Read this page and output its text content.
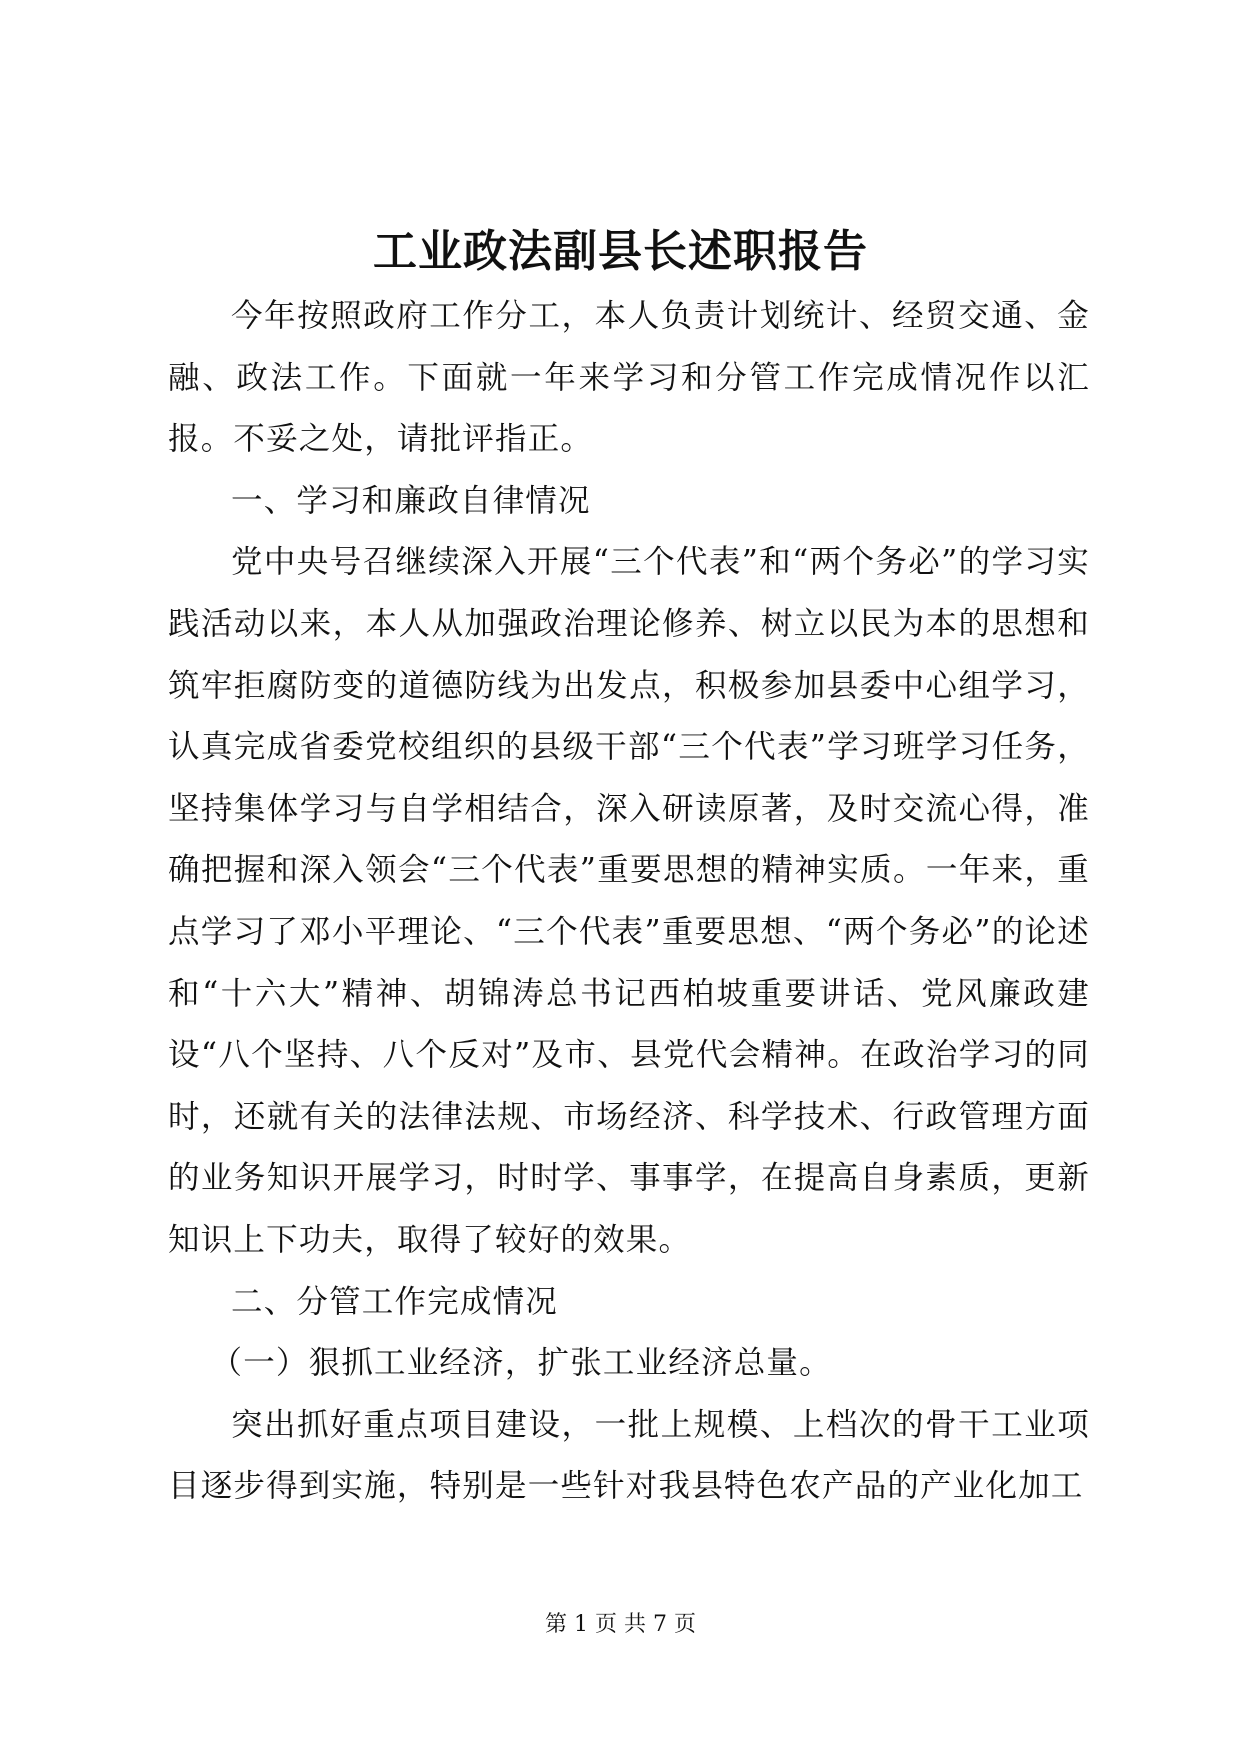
工业政法副县长述职报告

今年按照政府工作分工，本人负责计划统计、经贸交通、金融、政法工作。下面就一年来学习和分管工作完成情况作以汇报。不妥之处，请批评指正。

一、学习和廉政自律情况

党中央号召继续深入开展“三个代表”和“两个务必”的学习实践活动以来，本人从加强政治理论修养、树立以民为本的思想和筑牢拒腐防变的道德防线为出发点，积极参加县委中心组学习，认真完成省委党校组织的县级干部“三个代表”学习班学习任务，坚持集体学习与自学相结合，深入研读原著，及时交流心得，准确把握和深入领会“三个代表”重要思想的精神实质。一年来，重点学习了邓小平理论、“三个代表”重要思想、“两个务必”的论述和“十六大”精神、胡锦涛总书记西柏坡重要讲话、党风廉政建设“八个坚持、八个反对”及市、县党代会精神。在政治学习的同时，还就有关的法律法规、市场经济、科学技术、行政管理方面的业务知识开展学习，时时学、事事学，在提高自身素质，更新知识上下功夫，取得了较好的效果。

二、分管工作完成情况

（一）狠抓工业经济，扩张工业经济总量。

突出抓好重点项目建设，一批上规模、上档次的骨干工业项目逐步得到实施，特别是一些针对我县特色农产品的产业化加工

第 1 页 共 7 页
